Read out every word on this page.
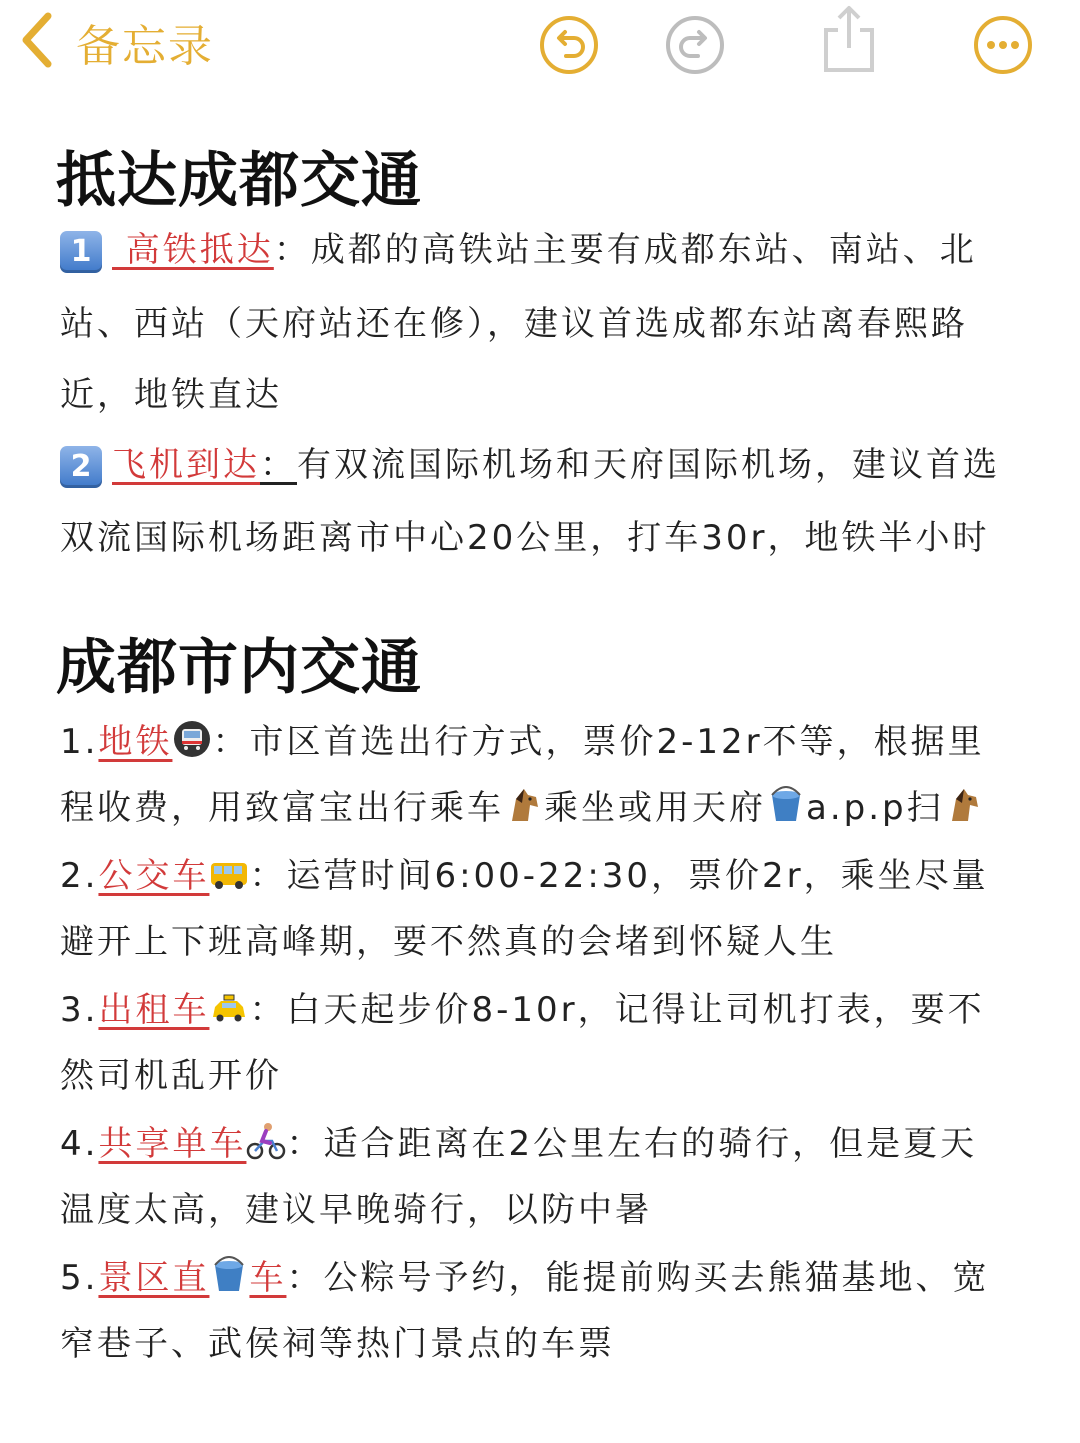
备忘录
抵达成都交通
1 高铁抵达：成都的高铁站主要有成都东站、南站、北
站、西站（天府站还在修），建议首选成都东站离春熙路
近，地铁直达
2 飞机到达：有双流国际机场和天府国际机场，建议首选
双流国际机场距离市中心20公里，打车30r，地铁半小时
成都市内交通
1.地铁 ：市区首选出行方式，票价2-12r不等，根据里
程收费，用致富宝出行乘车 乘坐或用天府 a.p.p扫
2.公交车 ：运营时间6:00-22:30，票价2r，乘坐尽量
避开上下班高峰期，要不然真的会堵到怀疑人生
3.出租车 ：白天起步价8-10r，记得让司机打表，要不
然司机乱开价
4.共享单车 ：适合距离在2公里左右的骑行，但是夏天
温度太高，建议早晚骑行，以防中暑
5.景区直 车：公粽号予约，能提前购买去熊猫基地、宽
窄巷子、武侯祠等热门景点的车票
